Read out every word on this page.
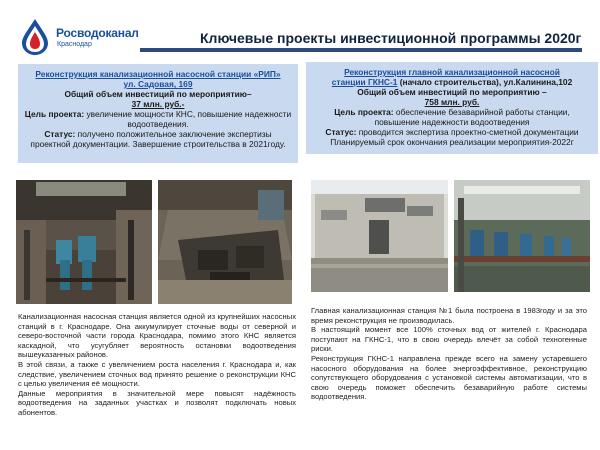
Росводоканал
Краснодар	Ключевые проекты инвестиционной программы 2020г
Реконструкция канализационной насосной станции «РИП»
ул. Садовая, 169
Общий объем инвестиций по мероприятию–
37 млн. руб.-
Цель проекта: увеличение мощности КНС, повышение надежности водоотведения.
Статус: получено положительное заключение экспертизы проектной документации. Завершение строительства в 2021году.
Реконструкция главной канализационной насосной
станции ГКНС-1 (начало строительства), ул.Калинина,102
Общий объем инвестиций по мероприятию –
758 млн. руб.
Цель проекта: обеспечение безаварийной работы станции, повышение надежности водоотведения
Статус: проводится экспертиза проектно-сметной документации Планируемый срок окончания реализации мероприятия-2022г

Канализационная насосная станция является одной из крупнейших насосных станций в г. Краснодаре. Она аккумулирует сточные воды от северной и северо-восточной части города Краснодара, помимо этого КНС является каскадной, что усугубляет вероятность остановки водоотведения вышеуказанных районов.

В этой связи, а также с увеличением роста населения г. Краснодара и, как следствие, увеличением сточных вод принято решение о реконструкции КНС с целью увеличения её мощности.

Данные мероприятия в значительной мере повысят надёжность водоотведения на заданных участках и позволят подключать новых абонентов.

Главная канализационная станция №1 была построена в 1983году и за это время реконструкция не производилась.

В настоящий момент все 100% сточных вод от жителей г. Краснодара поступают на ГКНС-1, что в свою очередь влечёт за собой техногенные риски.

Реконструкция ГКНС-1 направлена прежде всего на замену устаревшего насосного оборудования на более энергоэффективное, реконструкцию сопутствующего оборудования с установкой системы автоматизации, что в свою очередь поможет обеспечить безаварийную работе системы водоотведения.
